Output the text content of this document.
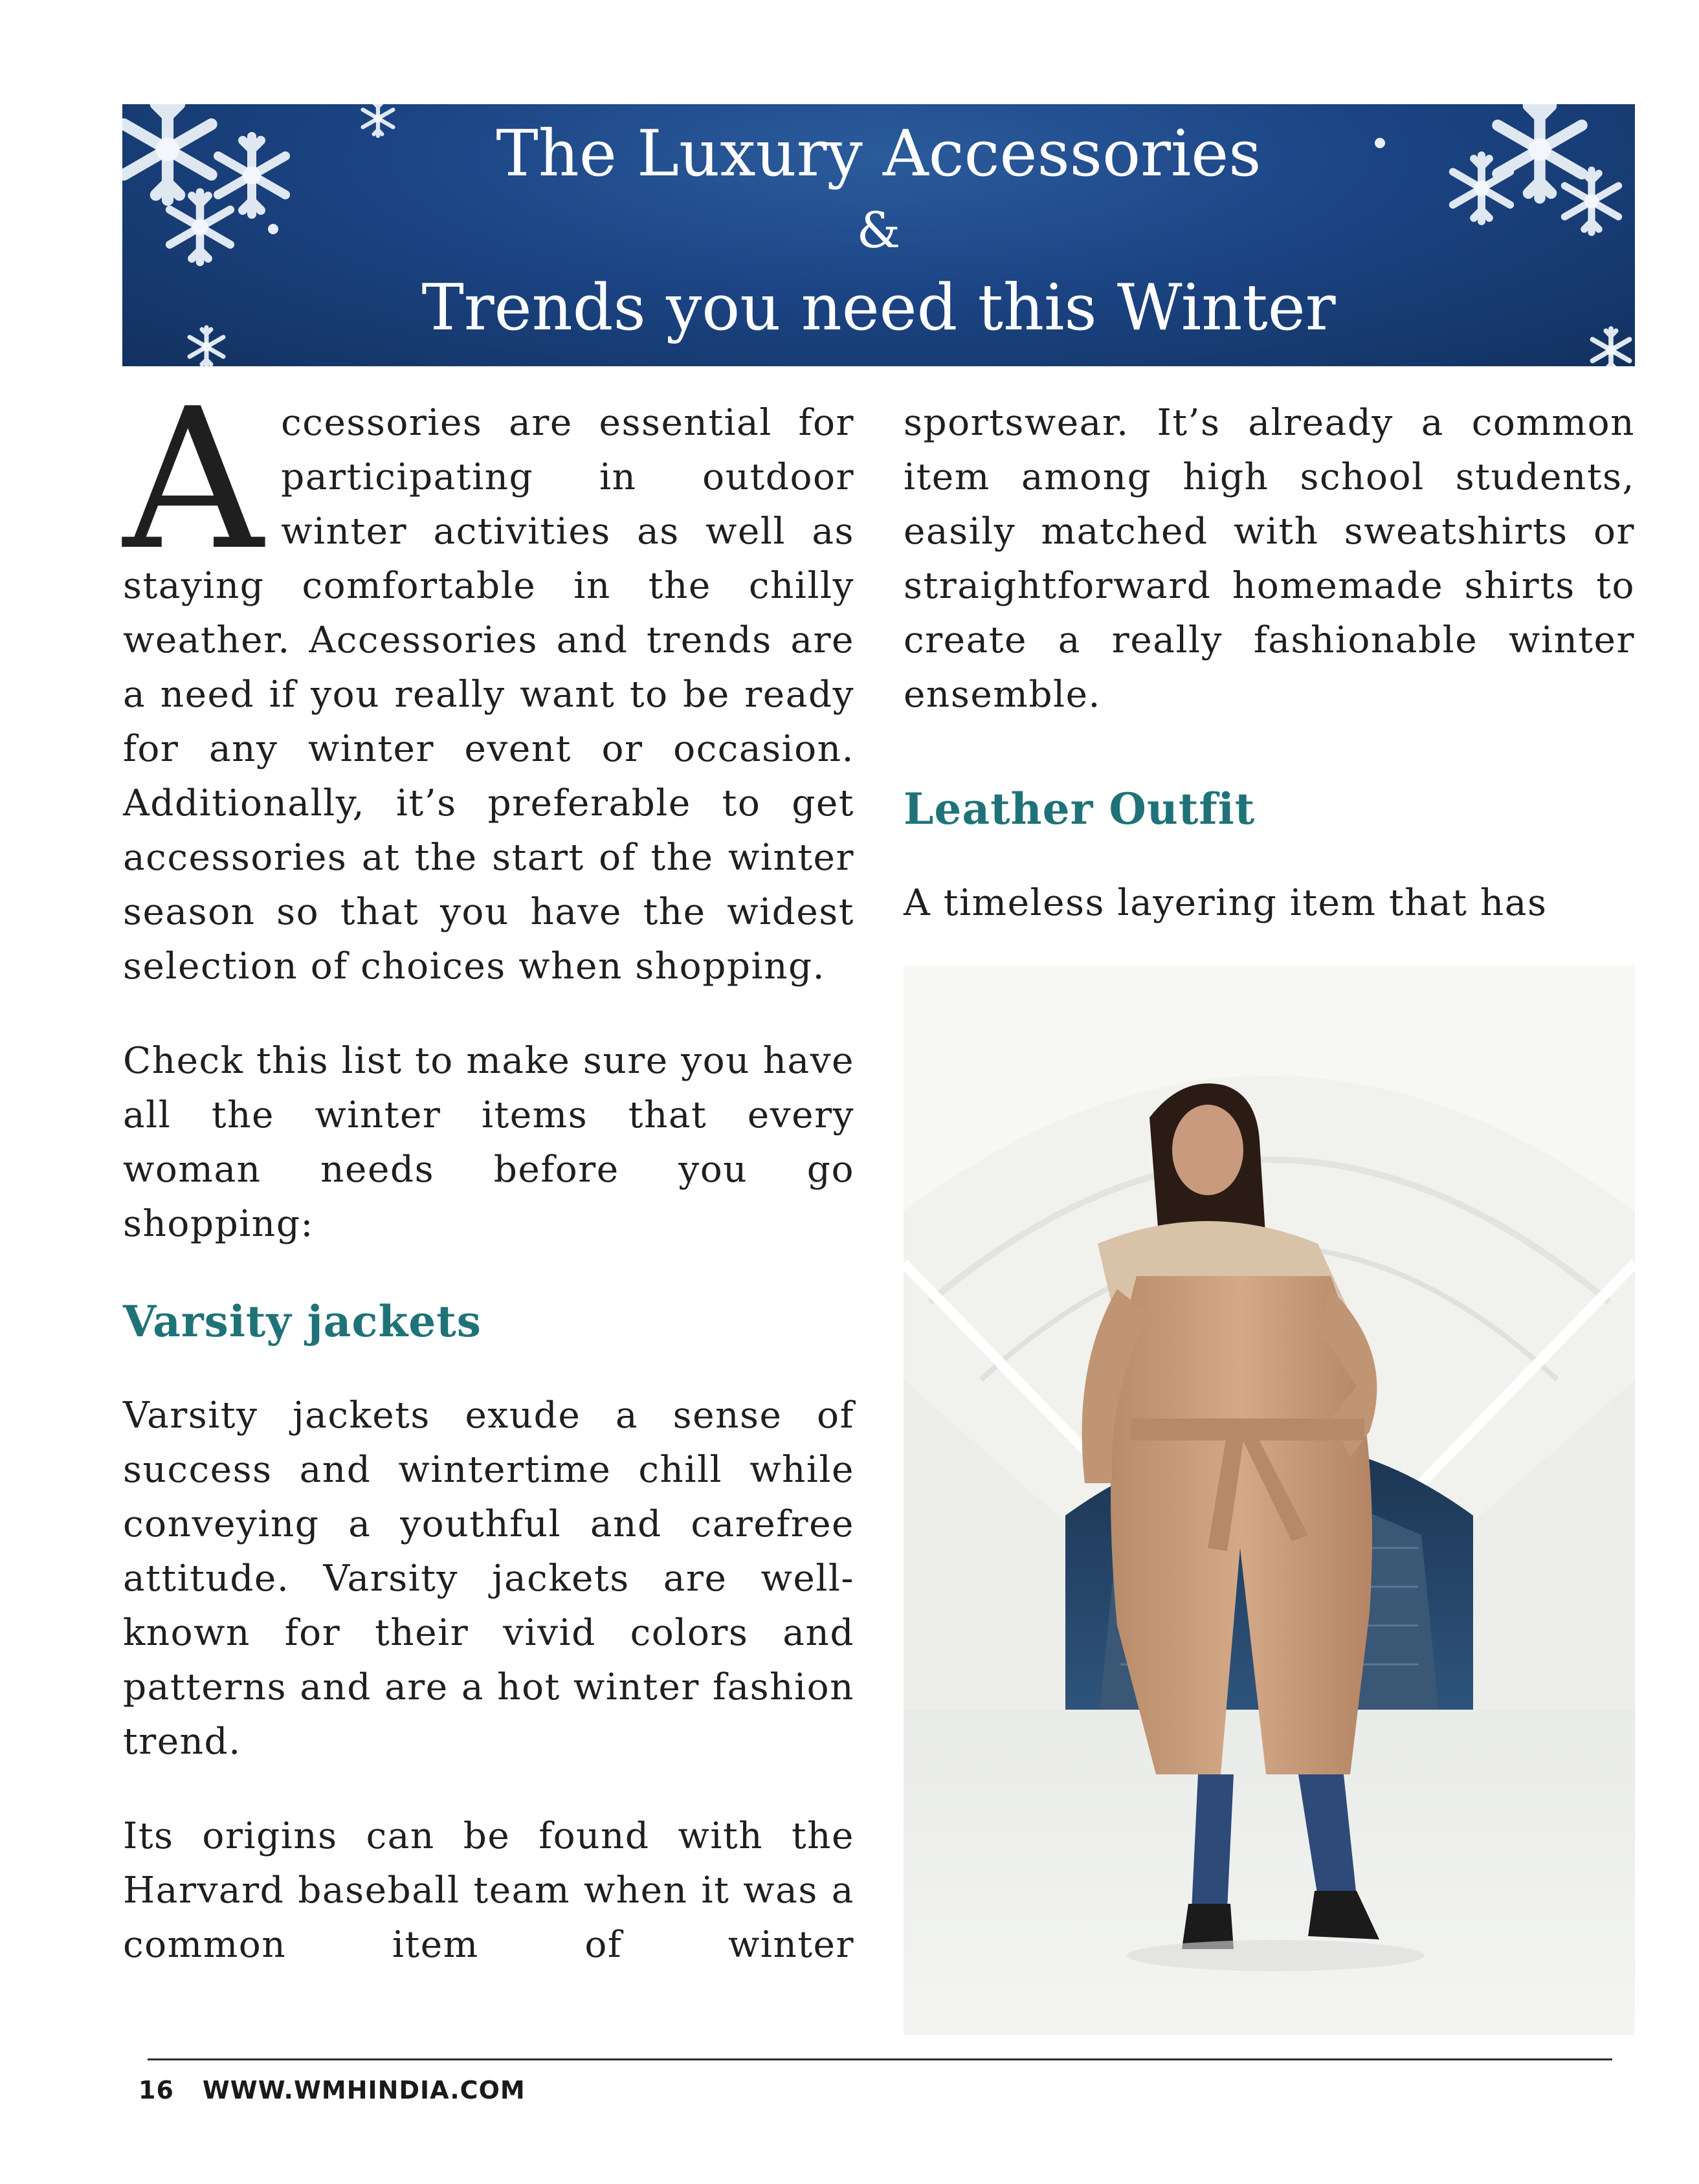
The Luxury Accessories
&
Trends you need this Winter

Accessories are essential for participating in outdoor winter activities as well as staying comfortable in the chilly weather. Accessories and trends are a need if you really want to be ready for any winter event or occasion. Additionally, it’s preferable to get accessories at the start of the winter season so that you have the widest selection of choices when shopping.

Check this list to make sure you have all the winter items that every woman needs before you go shopping:

Varsity jackets

Varsity jackets exude a sense of success and wintertime chill while conveying a youthful and carefree attitude. Varsity jackets are well-known for their vivid colors and patterns and are a hot winter fashion trend.

Its origins can be found with the Harvard baseball team when it was a common item of winter

sportswear. It’s already a common item among high school students, easily matched with sweatshirts or straightforward homemade shirts to create a really fashionable winter ensemble.

Leather Outfit

A timeless layering item that has

16 WWW.WMHINDIA.COM
